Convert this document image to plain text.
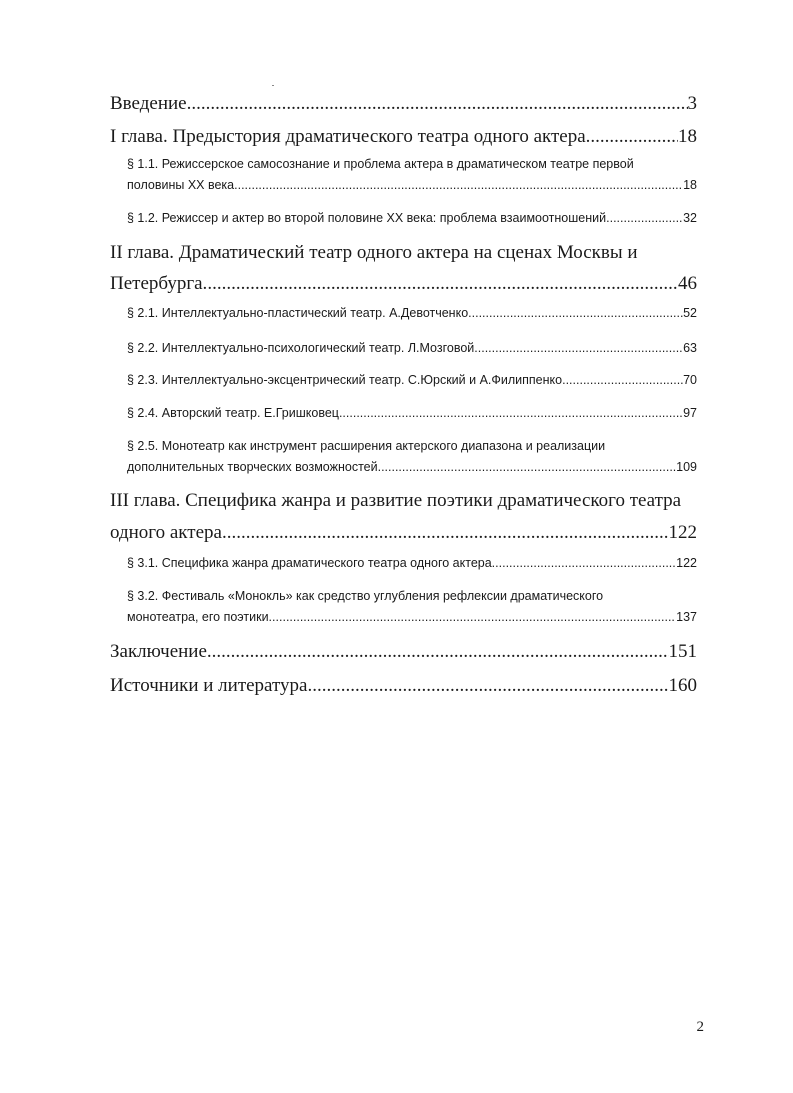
Введение. .....	3
I глава. Предыстория драматического театра одного актера. .....	18
§ 1.1. Режиссерское самосознание и проблема актера в драматическом театре первой
половины XX века. .....	18
§ 1.2. Режиссер и актер во второй половине XX века: проблема взаимоотношений. .....	32
II глава. Драматический театр одного актера на сценах Москвы и
Петербурга. .....	46
§ 2.1. Интеллектуально-пластический театр. А.Девотченко. .....	52
§ 2.2. Интеллектуально-психологический театр. Л.Мозговой. .....	63
§ 2.3. Интеллектуально-эксцентрический театр. С.Юрский и А.Филиппенко. .....	70
§ 2.4. Авторский театр. Е.Гришковец .....	97
§ 2.5. Монотеатр как инструмент расширения актерского диапазона и реализации
дополнительных творческих возможностей .....	109
III глава. Специфика жанра и развитие поэтики драматического театра
одного актера .....	122
§ 3.1. Специфика жанра драматического театра одного актера. .....	122
§ 3.2. Фестиваль «Монокль» как средство углубления рефлексии драматического
монотеатра, его поэтики. .....	137
Заключение. .....	151
Источники и литература. .....	160
2
